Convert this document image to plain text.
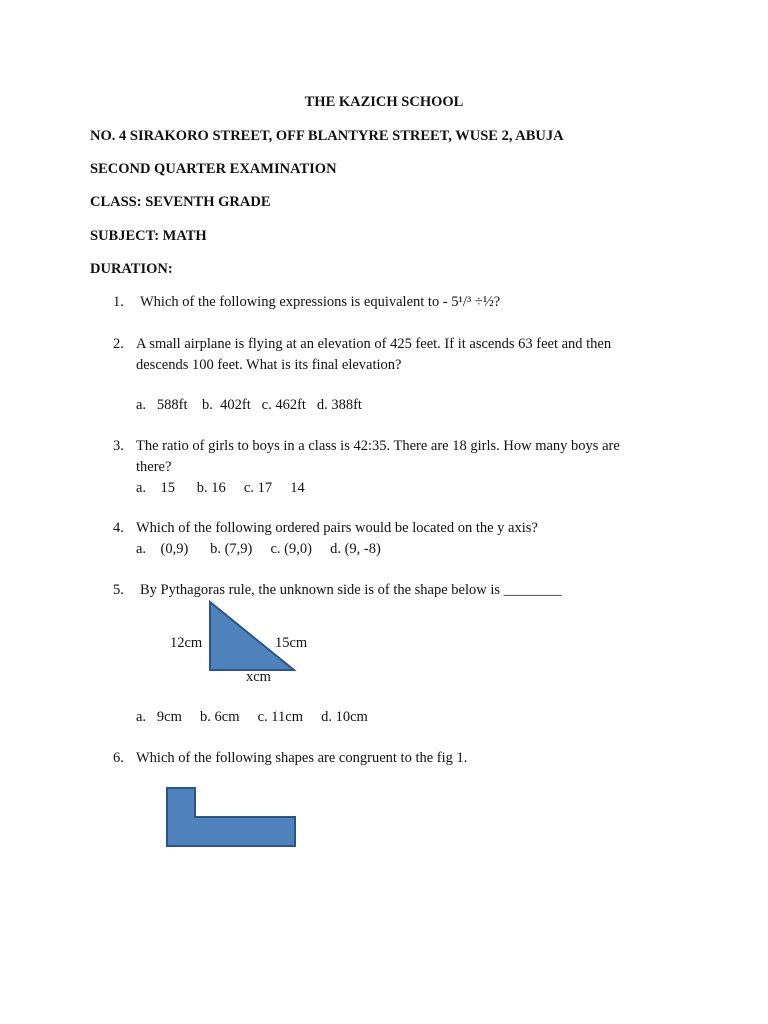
THE KAZICH SCHOOL
NO. 4 SIRAKORO STREET, OFF BLANTYRE STREET, WUSE 2, ABUJA
SECOND QUARTER EXAMINATION
CLASS: SEVENTH GRADE
SUBJECT: MATH
DURATION:
1.	Which of the following expressions is equivalent to - 5¹/³ ÷½?
2. A small airplane is flying at an elevation of 425 feet. If it ascends 63 feet and then
descends 100 feet. What is its final elevation?
a.   588ft    b.  402ft   c. 462ft   d. 388ft
3. The ratio of girls to boys in a class is 42:35. There are 18 girls. How many boys are
there?
a.    15      b. 16     c. 17     14
4. Which of the following ordered pairs would be located on the y axis?
a.    (0,9)      b. (7,9)     c. (9,0)     d. (9, -8)
5.	By Pythagoras rule, the unknown side is of the shape below is ________
12cm	15cm
xcm
a.   9cm     b. 6cm     c. 11cm     d. 10cm
6. Which of the following shapes are congruent to the fig 1.
